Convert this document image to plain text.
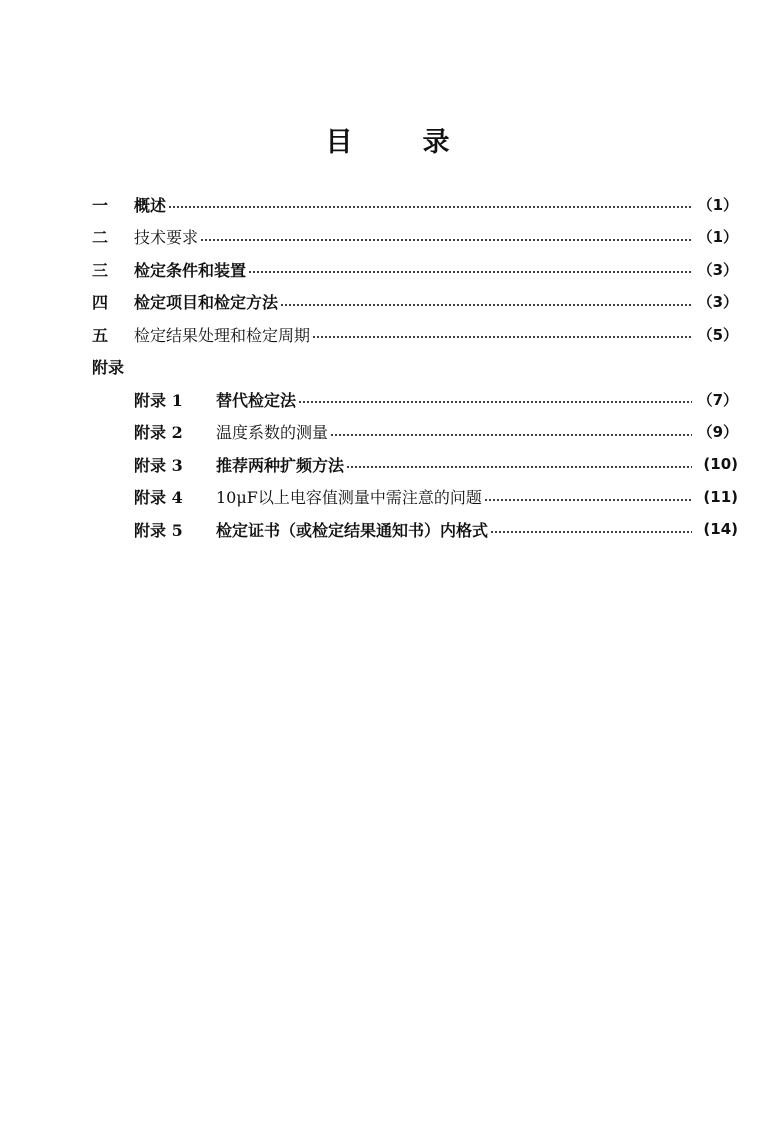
目	录
一	概述	（1）
二	技术要求	（1）
三	检定条件和装置	（3）
四	检定项目和检定方法	（3）
五	检定结果处理和检定周期	（5）
附录
附录 1	替代检定法	（7）
附录 2	温度系数的测量	（9）
附录 3	推荐两种扩频方法	(10)
附录 4	10μF以上电容值测量中需注意的问题	(11)
附录 5	检定证书（或检定结果通知书）内格式	(14)
